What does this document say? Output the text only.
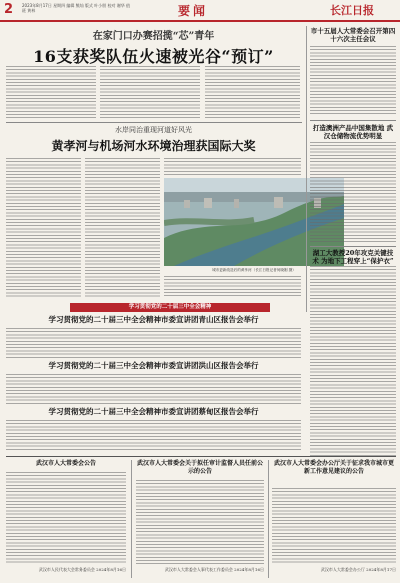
2 2023年8月17日 星期四 编辑 熊灿 版式 叶小朋 校对 谢华 值班 黄林	要闻	长江日报
在家门口办赛招揽“芯”青年
16支获奖队伍火速被光谷“预订”
水岸同治重现河道好风光
黄孝河与机场河水环境治理获国际大奖
城市更新改造后的黄孝河（长江日报记者何晓刚 摄）
市十五届人大常委会召开第四十六次主任会议
打造澳洲产品中国集散地 武汉仓储物流优势明显
湖工大教授20年攻克关键技术 为地下工程穿上“保护衣”
学习贯彻党的二十届三中全会精神
学习贯彻党的二十届三中全会精神市委宣讲团青山区报告会举行
学习贯彻党的二十届三中全会精神市委宣讲团洪山区报告会举行
学习贯彻党的二十届三中全会精神市委宣讲团蔡甸区报告会举行
武汉市人大常委会公告
武汉市人民代表大会常务委员会 2024年8月16日
武汉市人大常委会关于拟任审计监督人员任前公示的公告
武汉市人大常委会人事代表工作委员会 2024年8月16日
武汉市人大常委会办公厅关于征求我市城市更新工作意见建议的公告
武汉市人大常委会办公厅 2024年8月17日
